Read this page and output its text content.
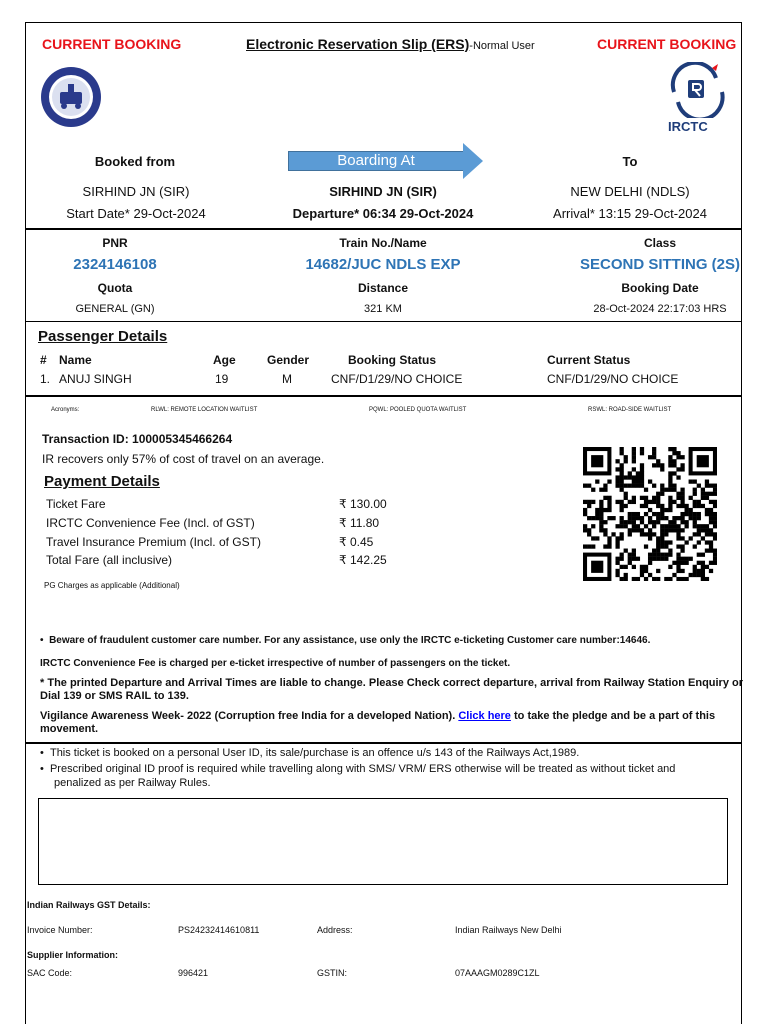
CURRENT BOOKING	Electronic Reservation Slip (ERS)-Normal User	CURRENT BOOKING
IRCTC
Booked from	Boarding At	To
SIRHIND JN (SIR)	SIRHIND JN (SIR)	NEW DELHI (NDLS)
Start Date* 29-Oct-2024	Departure* 06:34 29-Oct-2024	Arrival* 13:15 29-Oct-2024
PNR	Train No./Name	Class
2324146108	14682/JUC NDLS EXP	SECOND SITTING (2S)
Quota	Distance	Booking Date
GENERAL (GN)	321 KM	28-Oct-2024 22:17:03 HRS
Passenger Details
# Name	Age	Gender	Booking Status	Current Status
1. ANUJ SINGH	19	M	CNF/D1/29/NO CHOICE	CNF/D1/29/NO CHOICE
Acronyms:	RLWL: REMOTE LOCATION WAITLIST	PQWL: POOLED QUOTA WAITLIST	RSWL: ROAD-SIDE WAITLIST
Transaction ID: 100005345466264
IR recovers only 57% of cost of travel on an average.
Payment Details
Ticket Fare	₹ 130.00
IRCTC Convenience Fee (Incl. of GST)	₹ 11.80
Travel Insurance Premium (Incl. of GST)	₹ 0.45
Total Fare (all inclusive)	₹ 142.25
PG Charges as applicable (Additional)
•  Beware of fraudulent customer care number. For any assistance, use only the IRCTC e-ticketing Customer care number:14646.
IRCTC Convenience Fee is charged per e-ticket irrespective of number of passengers on the ticket.
* The printed Departure and Arrival Times are liable to change. Please Check correct departure, arrival from Railway Station Enquiry or
Dial 139 or SMS RAIL to 139.
Vigilance Awareness Week- 2022 (Corruption free India for a developed Nation). Click here to take the pledge and be a part of this
movement.
•  This ticket is booked on a personal User ID, its sale/purchase is an offence u/s 143 of the Railways Act,1989.
•  Prescribed original ID proof is required while travelling along with SMS/ VRM/ ERS otherwise will be treated as without ticket and
penalized as per Railway Rules.
Indian Railways GST Details:
Invoice Number:	PS24232414610811	Address:	Indian Railways New Delhi
Supplier Information:
SAC Code:	996421	GSTIN:	07AAAGM0289C1ZL
